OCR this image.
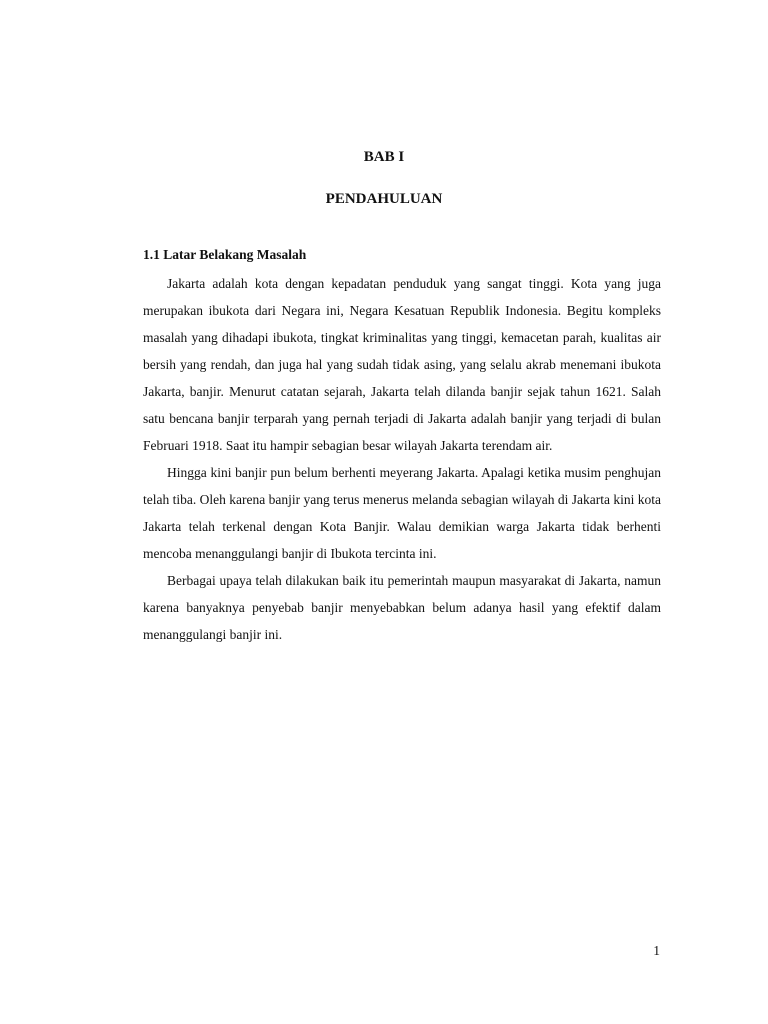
BAB I
PENDAHULUAN
1.1 Latar Belakang Masalah

Jakarta adalah kota dengan kepadatan penduduk yang sangat tinggi. Kota yang juga merupakan ibukota dari Negara ini, Negara Kesatuan Republik Indonesia. Begitu kompleks masalah yang dihadapi ibukota, tingkat kriminalitas yang tinggi, kemacetan parah, kualitas air bersih yang rendah, dan juga hal yang sudah tidak asing, yang selalu akrab menemani ibukota Jakarta, banjir. Menurut catatan sejarah, Jakarta telah dilanda banjir sejak tahun 1621. Salah satu bencana banjir terparah yang pernah terjadi di Jakarta adalah banjir yang terjadi di bulan Februari 1918. Saat itu hampir sebagian besar wilayah Jakarta terendam air.

Hingga kini banjir pun belum berhenti meyerang Jakarta. Apalagi ketika musim penghujan telah tiba. Oleh karena banjir yang terus menerus melanda sebagian wilayah di Jakarta kini kota Jakarta telah terkenal dengan Kota Banjir. Walau demikian warga Jakarta tidak berhenti mencoba menanggulangi banjir di Ibukota tercinta ini.

Berbagai upaya telah dilakukan baik itu pemerintah maupun masyarakat di Jakarta, namun karena banyaknya penyebab banjir menyebabkan belum adanya hasil yang efektif dalam menanggulangi banjir ini.

1
